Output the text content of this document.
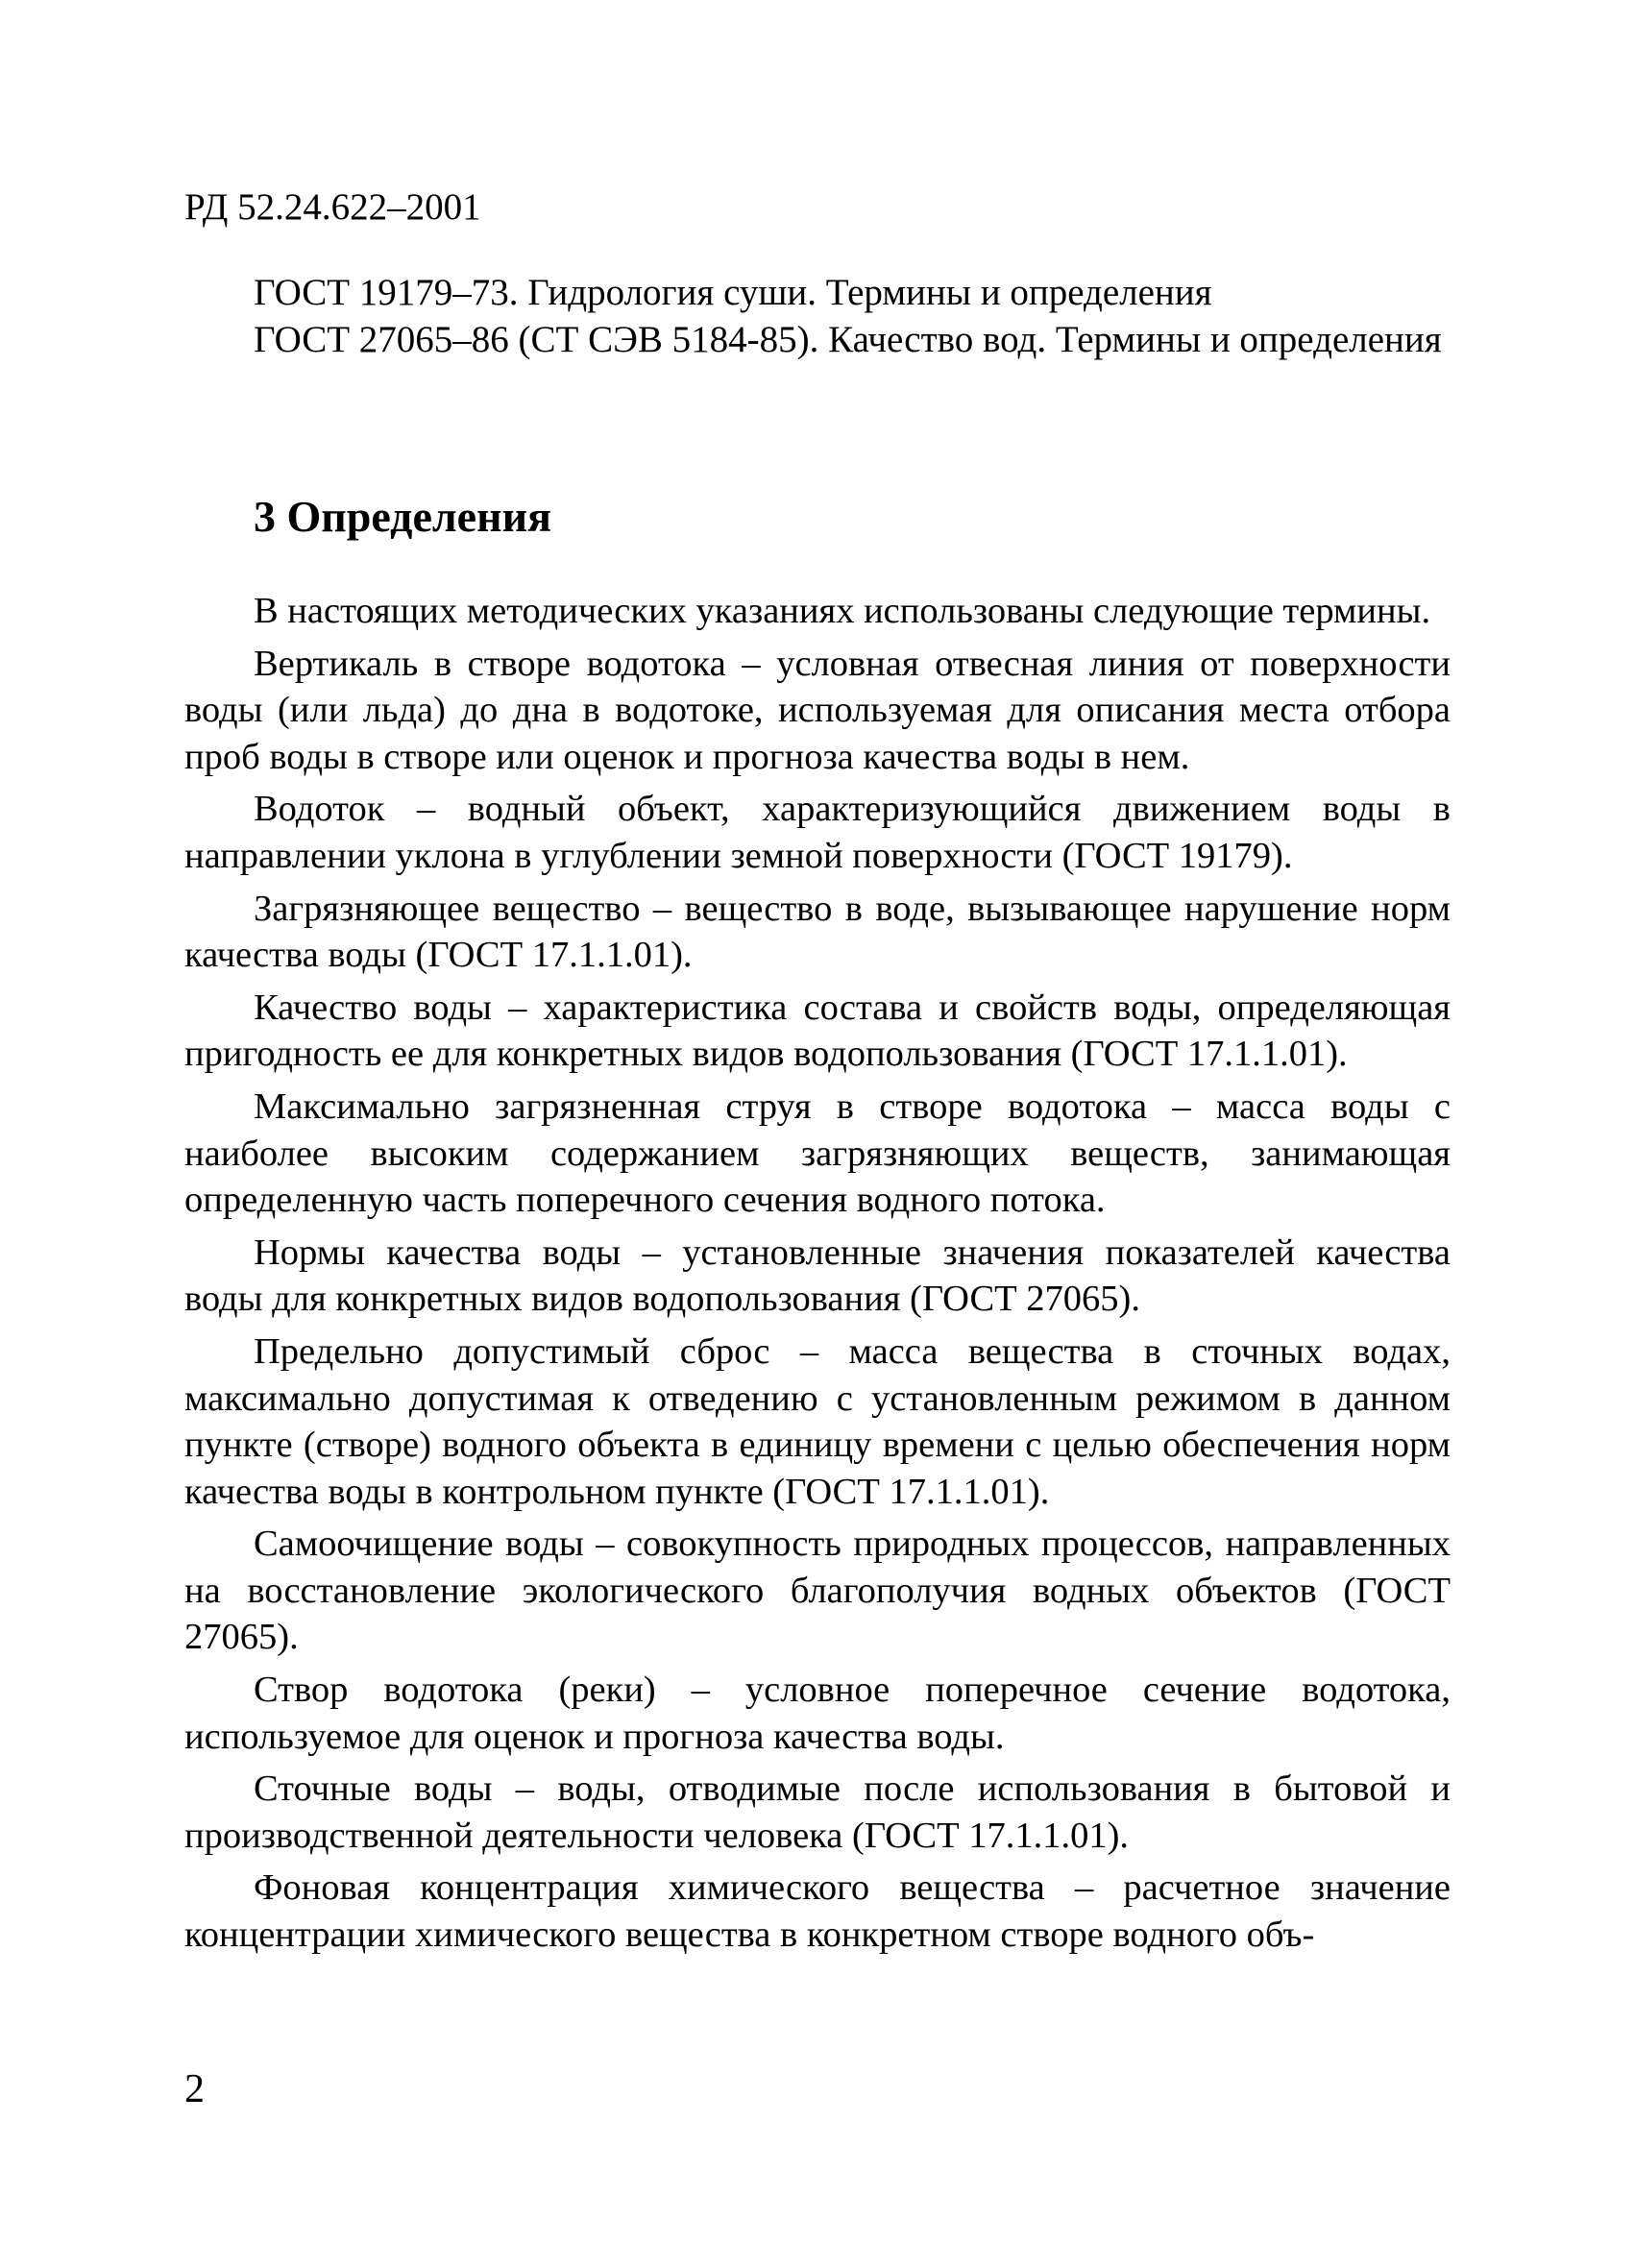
РД 52.24.622–2001

ГОСТ 19179–73. Гидрология суши. Термины и определения

ГОСТ 27065–86 (СТ СЭВ 5184-85). Качество вод. Термины и определения

3 Определения

В настоящих методических указаниях использованы следующие термины.

Вертикаль в створе водотока – условная отвесная линия от поверхности воды (или льда) до дна в водотоке, используемая для описания места отбора проб воды в створе или оценок и прогноза качества воды в нем.

Водоток – водный объект, характеризующийся движением воды в направлении уклона в углублении земной поверхности (ГОСТ 19179).

Загрязняющее вещество – вещество в воде, вызывающее нарушение норм качества воды (ГОСТ 17.1.1.01).

Качество воды – характеристика состава и свойств воды, определяющая пригодность ее для конкретных видов водопользования (ГОСТ 17.1.1.01).

Максимально загрязненная струя в створе водотока – масса воды с наиболее высоким содержанием загрязняющих веществ, занимающая определенную часть поперечного сечения водного потока.

Нормы качества воды – установленные значения показателей качества воды для конкретных видов водопользования (ГОСТ 27065).

Предельно допустимый сброс – масса вещества в сточных водах, максимально допустимая к отведению с установленным режимом в данном пункте (створе) водного объекта в единицу времени с целью обеспечения норм качества воды в контрольном пункте (ГОСТ 17.1.1.01).

Самоочищение воды – совокупность природных процессов, направленных на восстановление экологического благополучия водных объектов (ГОСТ 27065).

Створ водотока (реки) – условное поперечное сечение водотока, используемое для оценок и прогноза качества воды.

Сточные воды – воды, отводимые после использования в бытовой и производственной деятельности человека (ГОСТ 17.1.1.01).

Фоновая концентрация химического вещества – расчетное значение концентрации химического вещества в конкретном створе водного объ-

2
